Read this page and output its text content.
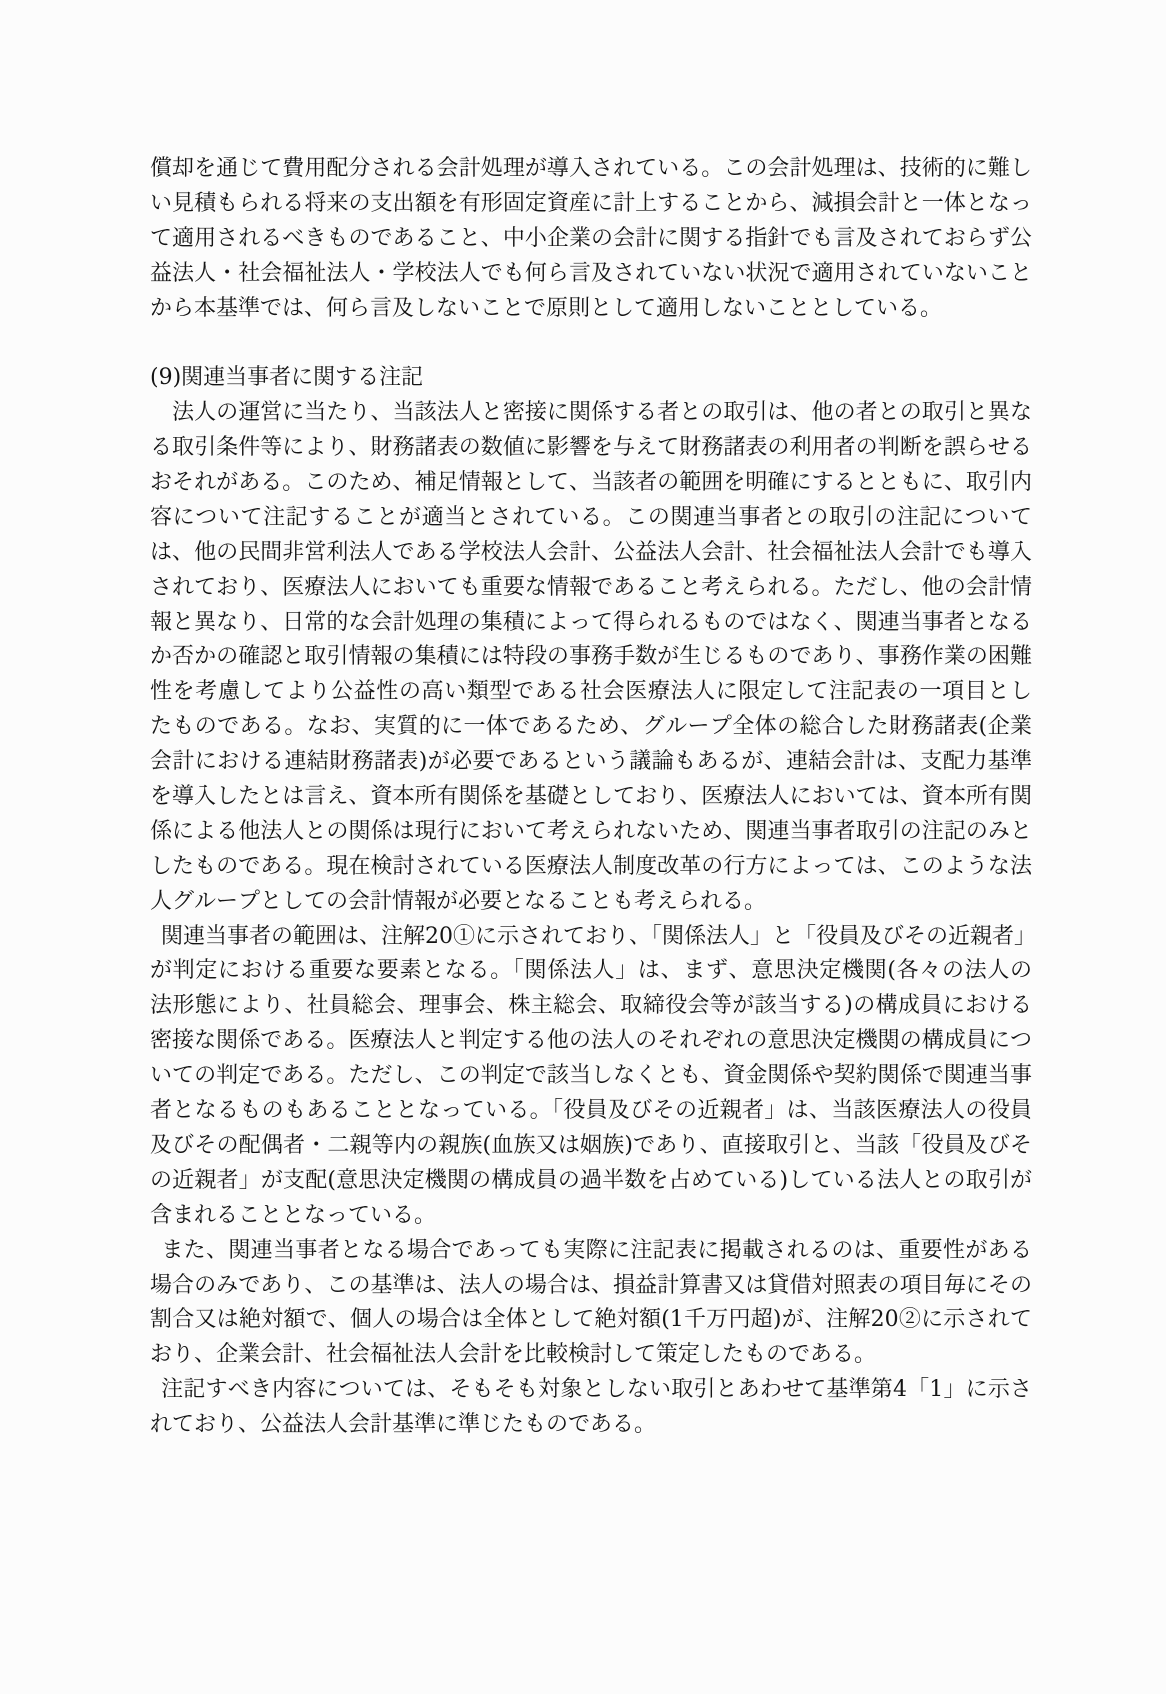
償却を通じて費用配分される会計処理が導入されている。この会計処理は、技術的に難し
い見積もられる将来の支出額を有形固定資産に計上することから、減損会計と一体となっ
て適用されるべきものであること、中小企業の会計に関する指針でも言及されておらず公
益法人・社会福祉法人・学校法人でも何ら言及されていない状況で適用されていないこと
から本基準では、何ら言及しないことで原則として適用しないこととしている。
(9)関連当事者に関する注記
　法人の運営に当たり、当該法人と密接に関係する者との取引は、他の者との取引と異な
る取引条件等により、財務諸表の数値に影響を与えて財務諸表の利用者の判断を誤らせる
おそれがある。このため、補足情報として、当該者の範囲を明確にするとともに、取引内
容について注記することが適当とされている。この関連当事者との取引の注記について
は、他の民間非営利法人である学校法人会計、公益法人会計、社会福祉法人会計でも導入
されており、医療法人においても重要な情報であること考えられる。ただし、他の会計情
報と異なり、日常的な会計処理の集積によって得られるものではなく、関連当事者となる
か否かの確認と取引情報の集積には特段の事務手数が生じるものであり、事務作業の困難
性を考慮してより公益性の高い類型である社会医療法人に限定して注記表の一項目とし
たものである。なお、実質的に一体であるため、グループ全体の総合した財務諸表(企業
会計における連結財務諸表)が必要であるという議論もあるが、連結会計は、支配力基準
を導入したとは言え、資本所有関係を基礎としており、医療法人においては、資本所有関
係による他法人との関係は現行において考えられないため、関連当事者取引の注記のみと
したものである。現在検討されている医療法人制度改革の行方によっては、このような法
人グループとしての会計情報が必要となることも考えられる。
 関連当事者の範囲は、注解20①に示されており、「関係法人」と「役員及びその近親者」
が判定における重要な要素となる。「関係法人」は、まず、意思決定機関(各々の法人の
法形態により、社員総会、理事会、株主総会、取締役会等が該当する)の構成員における
密接な関係である。医療法人と判定する他の法人のそれぞれの意思決定機関の構成員につ
いての判定である。ただし、この判定で該当しなくとも、資金関係や契約関係で関連当事
者となるものもあることとなっている。「役員及びその近親者」は、当該医療法人の役員
及びその配偶者・二親等内の親族(血族又は姻族)であり、直接取引と、当該「役員及びそ
の近親者」が支配(意思決定機関の構成員の過半数を占めている)している法人との取引が
含まれることとなっている。
 また、関連当事者となる場合であっても実際に注記表に掲載されるのは、重要性がある
場合のみであり、この基準は、法人の場合は、損益計算書又は貸借対照表の項目毎にその
割合又は絶対額で、個人の場合は全体として絶対額(1千万円超)が、注解20②に示されて
おり、企業会計、社会福祉法人会計を比較検討して策定したものである。
 注記すべき内容については、そもそも対象としない取引とあわせて基準第4「1」に示さ
れており、公益法人会計基準に準じたものである。
